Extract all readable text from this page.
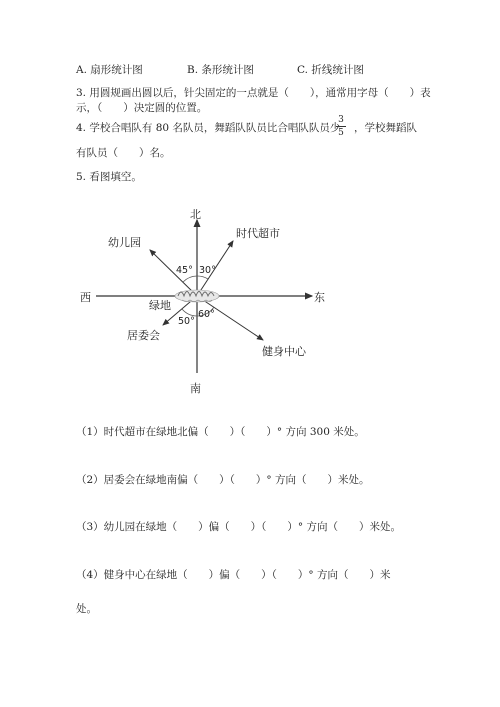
A. 扇形统计图	B. 条形统计图	C. 折线统计图
3. 用圆规画出圆以后，针尖固定的一点就是（　　），通常用字母（　　）表
示，（　　）决定圆的位置。
4. 学校合唱队有 80 名队员，舞蹈队队员比合唱队队员少
3
5 ，学校舞蹈队
有队员（　　）名。
5. 看图填空。
北
南
东
西
绿地
时代超市
幼儿园
居委会
健身中心
45° 30°
50°
60°
（1）时代超市在绿地北偏（　　）（　　）° 方向 300 米处。
（2）居委会在绿地南偏（　　）（　　）° 方向（　　）米处。
（3）幼儿园在绿地（　　）偏（　　）（　　）° 方向（　　）米处。
（4）健身中心在绿地（　　）偏（　　）（　　）° 方向（　　）米
处。
